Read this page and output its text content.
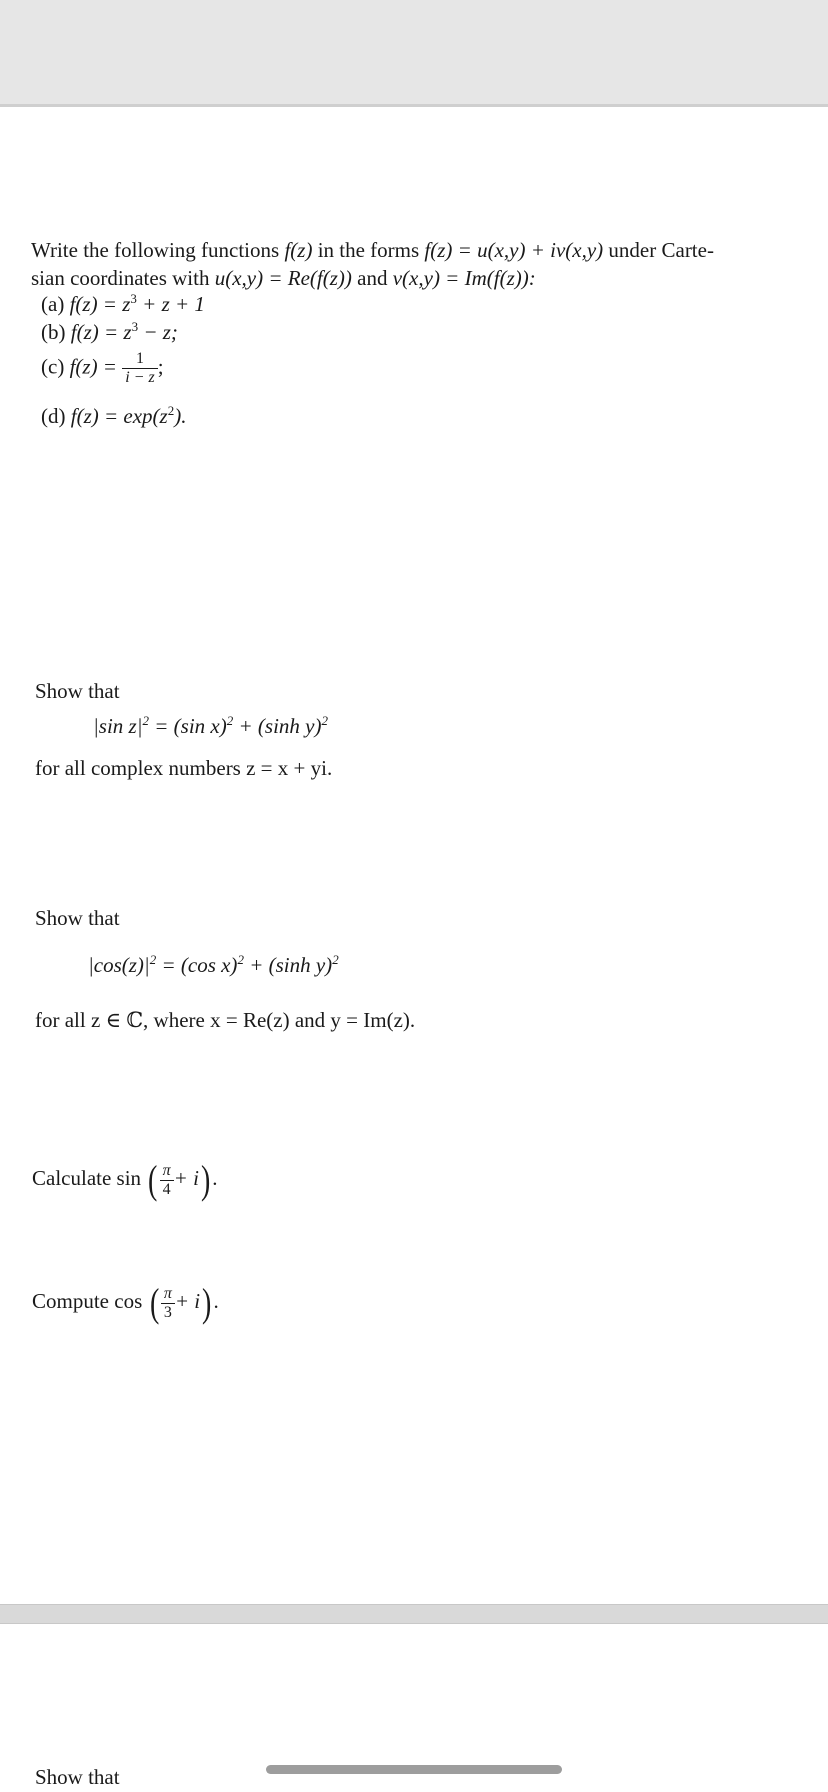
Write the following functions f(z) in the forms f(z) = u(x,y) + iv(x,y) under Carte-
sian coordinates with u(x,y) = Re(f(z)) and v(x,y) = Im(f(z)):
(a) $f(z) = z^3 + z + 1$
(b) $f(z) = z^3 - z$;
(c) $f(z) = \frac{1}{i - z}$ ;
(d) $f(z) = \exp(z^2)$.
Show that
|sin $z|^2 = (\sin$ x)$^2$ + (sinh y)$^2$
for all complex numbers z = x + yi.
Show that
$|\cos(z)|^2 = (\cos$ x)$^2$ + (sinh y)$^2$
for all z ∈ ℂ, where x = Re(z) and y = Im(z).
Calculate sin ( $\frac{\pi}{4} + i$).
Compute cos ( $\frac{\pi}{3} + i$).
Show that
